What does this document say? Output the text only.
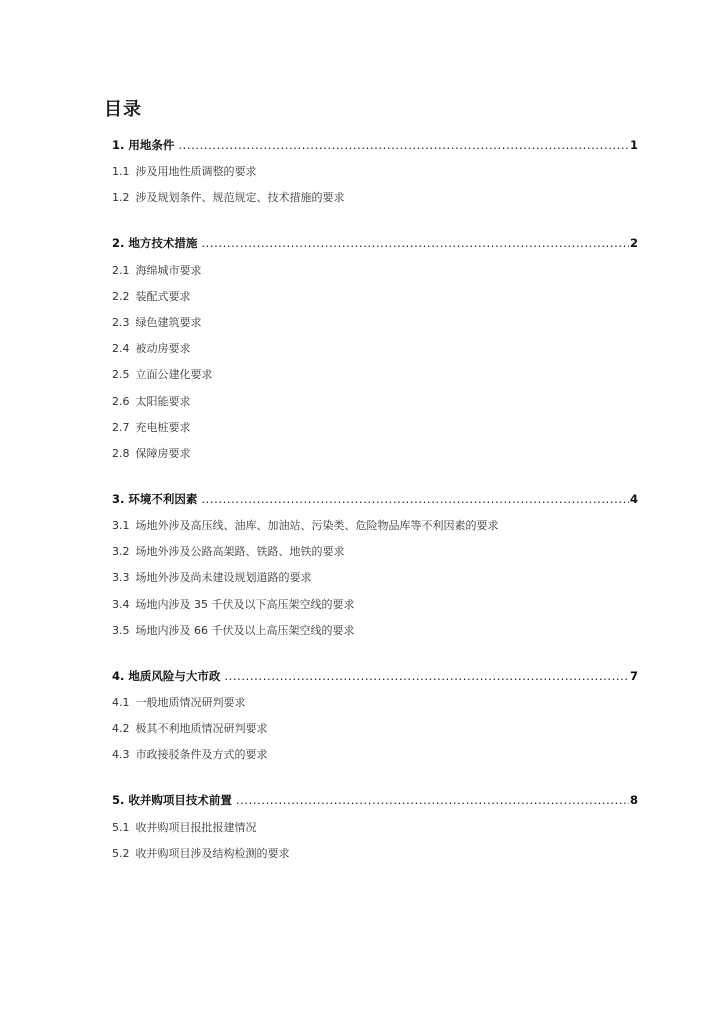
目录
1. 用地条件 .....	1
1.1 涉及用地性质调整的要求
1.2 涉及规划条件、规范规定、技术措施的要求
2. 地方技术措施 .....	2
2.1 海绵城市要求
2.2 装配式要求
2.3 绿色建筑要求
2.4 被动房要求
2.5 立面公建化要求
2.6 太阳能要求
2.7 充电桩要求
2.8 保障房要求
3. 环境不利因素 .....	4
3.1 场地外涉及高压线、油库、加油站、污染类、危险物品库等不利因素的要求
3.2 场地外涉及公路高架路、铁路、地铁的要求
3.3 场地外涉及尚未建设规划道路的要求
3.4 场地内涉及 35 千伏及以下高压架空线的要求
3.5 场地内涉及 66 千伏及以上高压架空线的要求
4. 地质风险与大市政 .....	7
4.1 一般地质情况研判要求
4.2 极其不利地质情况研判要求
4.3 市政接驳条件及方式的要求
5. 收并购项目技术前置 .....	8
5.1 收并购项目报批报建情况
5.2 收并购项目涉及结构检测的要求
